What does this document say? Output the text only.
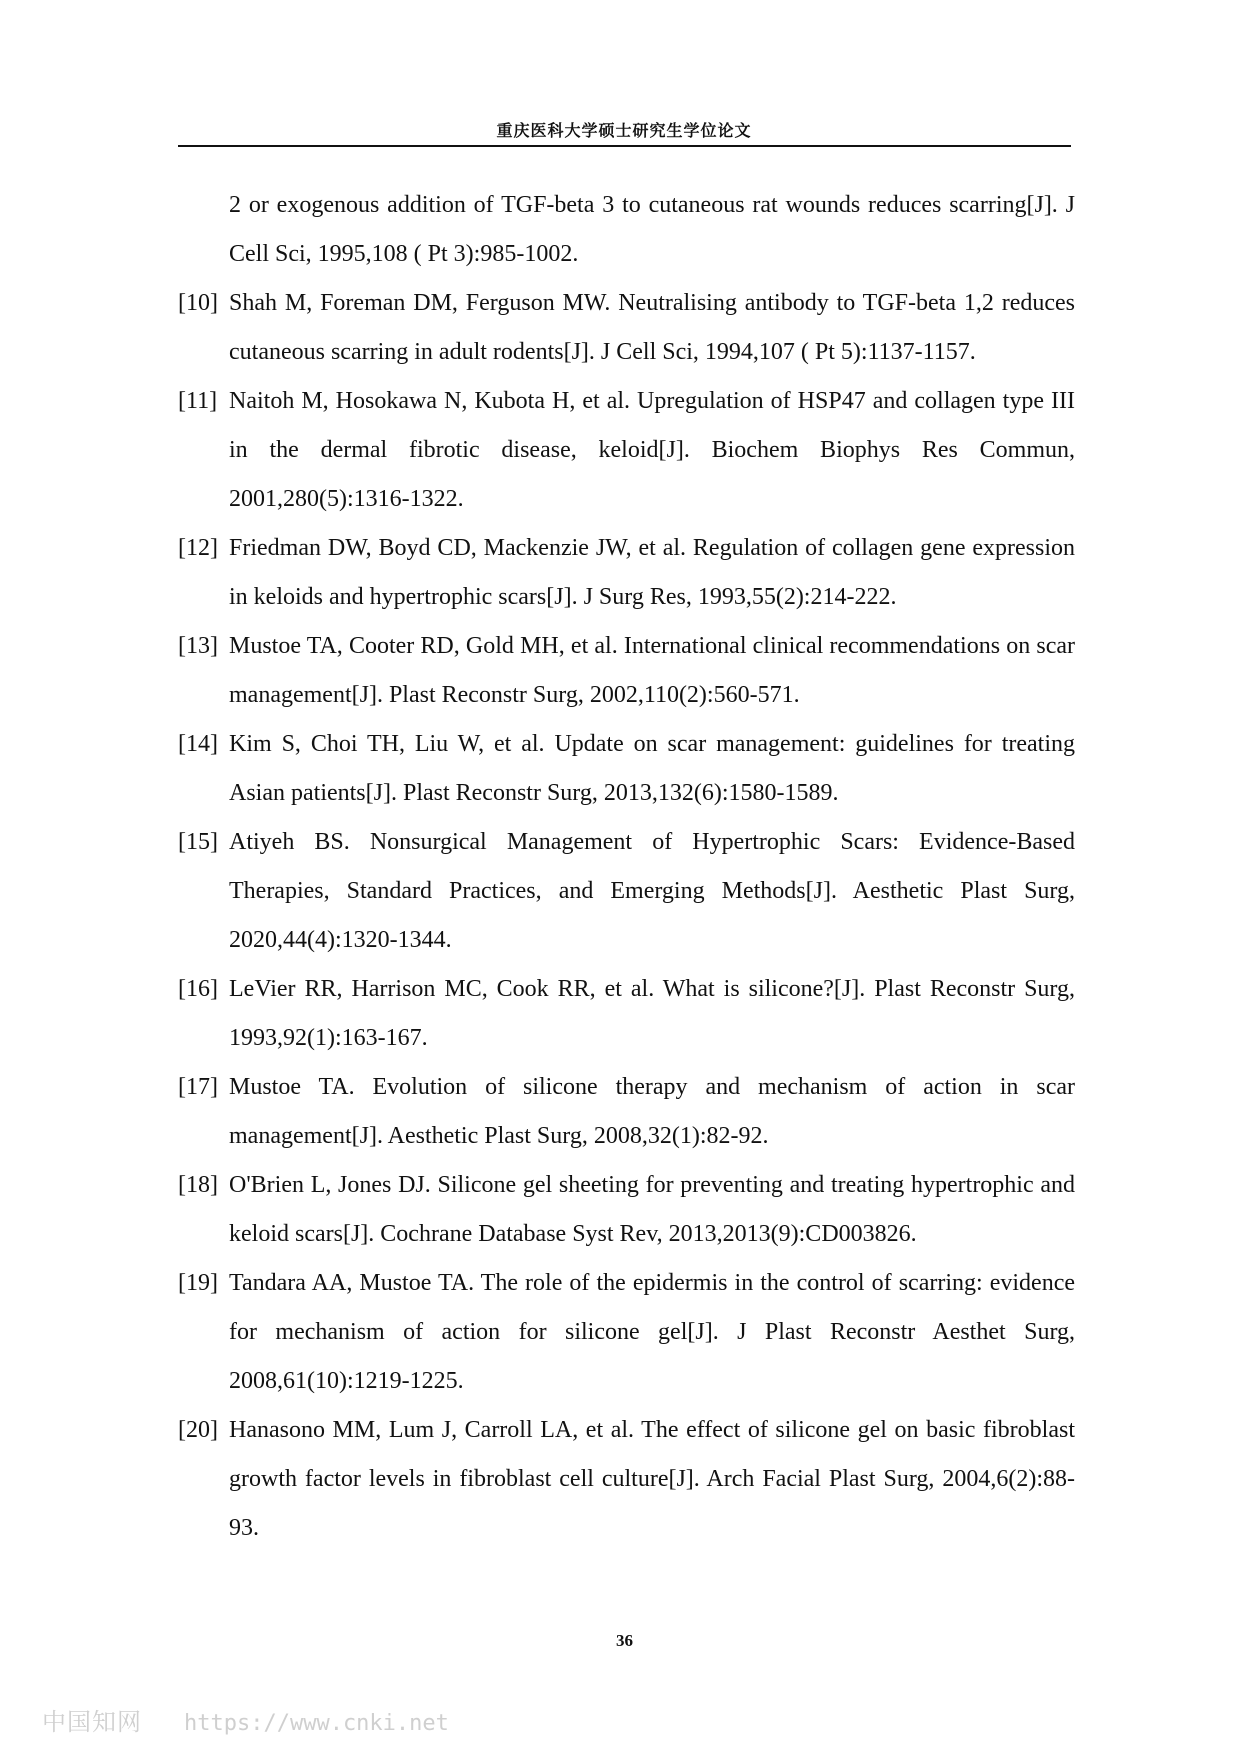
重庆医科大学硕士研究生学位论文
2 or exogenous addition of TGF-beta 3 to cutaneous rat wounds reduces scarring[J]. J Cell Sci, 1995,108 ( Pt 3):985-1002.
[10] Shah M, Foreman DM, Ferguson MW. Neutralising antibody to TGF-beta 1,2 reduces cutaneous scarring in adult rodents[J]. J Cell Sci, 1994,107 ( Pt 5):1137-1157.
[11] Naitoh M, Hosokawa N, Kubota H, et al. Upregulation of HSP47 and collagen type III in the dermal fibrotic disease, keloid[J]. Biochem Biophys Res Commun, 2001,280(5):1316-1322.
[12] Friedman DW, Boyd CD, Mackenzie JW, et al. Regulation of collagen gene expression in keloids and hypertrophic scars[J]. J Surg Res, 1993,55(2):214-222.
[13] Mustoe TA, Cooter RD, Gold MH, et al. International clinical recommendations on scar management[J]. Plast Reconstr Surg, 2002,110(2):560-571.
[14] Kim S, Choi TH, Liu W, et al. Update on scar management: guidelines for treating Asian patients[J]. Plast Reconstr Surg, 2013,132(6):1580-1589.
[15] Atiyeh BS. Nonsurgical Management of Hypertrophic Scars: Evidence-Based Therapies, Standard Practices, and Emerging Methods[J]. Aesthetic Plast Surg, 2020,44(4):1320-1344.
[16] LeVier RR, Harrison MC, Cook RR, et al. What is silicone?[J]. Plast Reconstr Surg, 1993,92(1):163-167.
[17] Mustoe TA. Evolution of silicone therapy and mechanism of action in scar management[J]. Aesthetic Plast Surg, 2008,32(1):82-92.
[18] O'Brien L, Jones DJ. Silicone gel sheeting for preventing and treating hypertrophic and keloid scars[J]. Cochrane Database Syst Rev, 2013,2013(9):CD003826.
[19] Tandara AA, Mustoe TA. The role of the epidermis in the control of scarring: evidence for mechanism of action for silicone gel[J]. J Plast Reconstr Aesthet Surg, 2008,61(10):1219-1225.
[20] Hanasono MM, Lum J, Carroll LA, et al. The effect of silicone gel on basic fibroblast growth factor levels in fibroblast cell culture[J]. Arch Facial Plast Surg, 2004,6(2):88-93.
36
中国知网 https://www.cnki.net
